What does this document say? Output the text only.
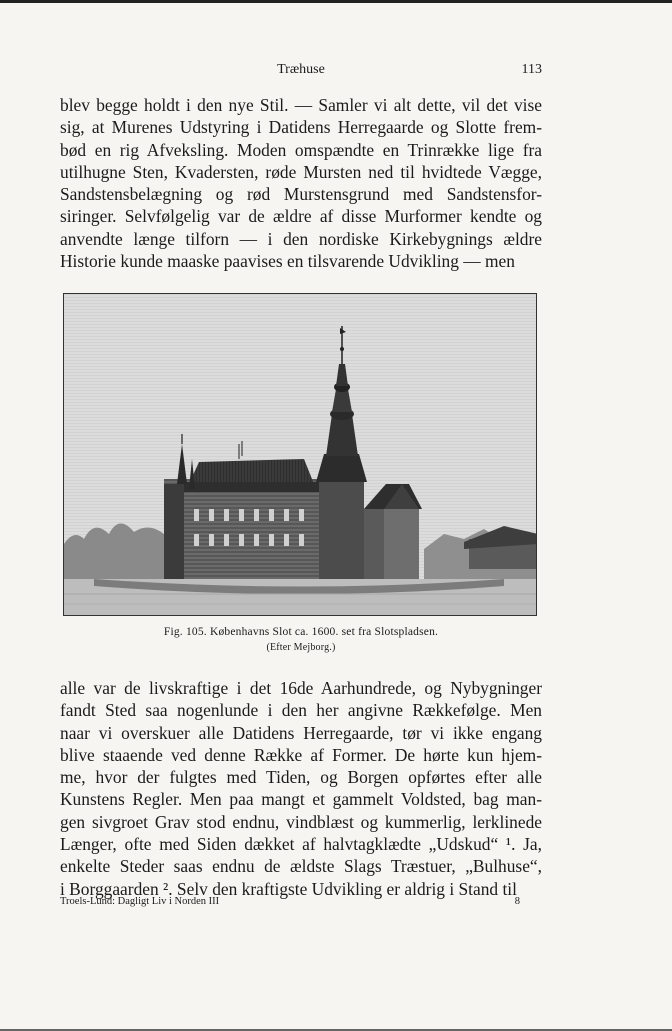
Træhuse	113

blev begge holdt i den nye Stil. — Samler vi alt dette, vil det vise
sig, at Murenes Udstyring i Datidens Herregaarde og Slotte frem-
bød en rig Afveksling. Moden omspændte en Trinrække lige fra
utilhugne Sten, Kvadersten, røde Mursten ned til hvidtede Vægge,
Sandstensbelægning og rød Murstensgrund med Sandstensfor-
siringer. Selvfølgelig var de ældre af disse Murformer kendte og
anvendte længe tilforn — i den nordiske Kirkebygnings ældre
Historie kunde maaske paavises en tilsvarende Udvikling — men

Fig. 105. Københavns Slot ca. 1600. set fra Slotspladsen.
(Efter Mejborg.)

alle var de livskraftige i det 16de Aarhundrede, og Nybygninger
fandt Sted saa nogenlunde i den her angivne Rækkefølge. Men
naar vi overskuer alle Datidens Herregaarde, tør vi ikke engang
blive staaende ved denne Række af Former. De hørte kun hjem-
me, hvor der fulgtes med Tiden, og Borgen opførtes efter alle
Kunstens Regler. Men paa mangt et gammelt Voldsted, bag man-
gen sivgroet Grav stod endnu, vindblæst og kummerlig, lerklinede
Længer, ofte med Siden dækket af halvtagklædte „Udskud“ ¹. Ja,
enkelte Steder saas endnu de ældste Slags Træstuer, „Bulhuse“,
i Borggaarden ². Selv den kraftigste Udvikling er aldrig i Stand til

Troels-Lund: Dagligt Liv i Norden III	8
